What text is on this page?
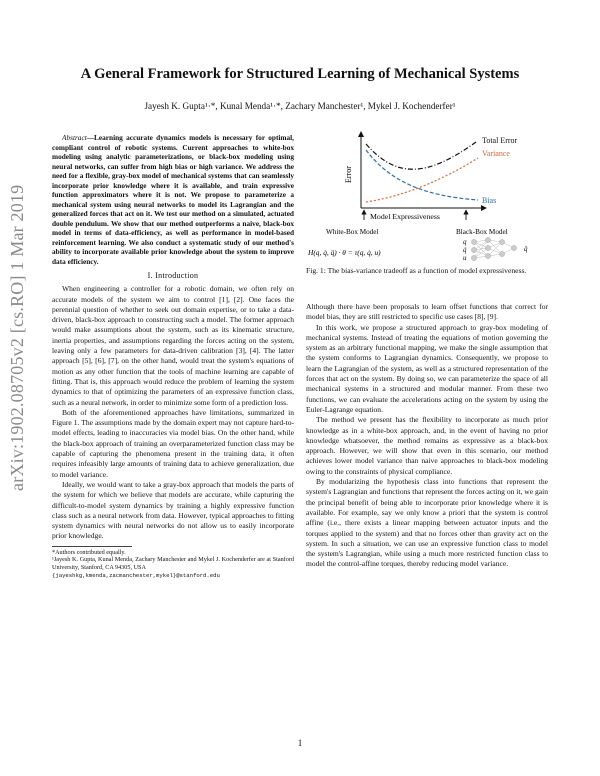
arXiv:1902.08705v2 [cs.RO] 1 Mar 2019
A General Framework for Structured Learning of Mechanical Systems
Jayesh K. Gupta¹·*, Kunal Menda¹·*, Zachary Manchester¹, Mykel J. Kochenderfer¹

Abstract—Learning accurate dynamics models is necessary for optimal, compliant control of robotic systems. Current approaches to white-box modeling using analytic parameterizations, or black-box modeling using neural networks, can suffer from high bias or high variance. We address the need for a flexible, gray-box model of mechanical systems that can seamlessly incorporate prior knowledge where it is available, and train expressive function approximators where it is not. We propose to parameterize a mechanical system using neural networks to model its Lagrangian and the generalized forces that act on it. We test our method on a simulated, actuated double pendulum. We show that our method outperforms a naive, black-box model in terms of data-efficiency, as well as performance in model-based reinforcement learning. We also conduct a systematic study of our method's ability to incorporate available prior knowledge about the system to improve data efficiency.

I. Introduction

When engineering a controller for a robotic domain, we often rely on accurate models of the system we aim to control [1], [2]. One faces the perennial question of whether to seek out domain expertise, or to take a data-driven, black-box approach to constructing such a model. The former approach would make assumptions about the system, such as its kinematic structure, inertia properties, and assumptions regarding the forces acting on the system, leaving only a few parameters for data-driven calibration [3], [4]. The latter approach [5], [6], [7], on the other hand, would treat the system's equations of motion as any other function that the tools of machine learning are capable of fitting. That is, this approach would reduce the problem of learning the system dynamics to that of optimizing the parameters of an expressive function class, such as a neural network, in order to minimize some form of a prediction loss.

Both of the aforementioned approaches have limitations, summarized in Figure 1. The assumptions made by the domain expert may not capture hard-to-model effects, leading to inaccuracies via model bias. On the other hand, while the black-box approach of training an overparameterized function class may be capable of capturing the phenomena present in the training data, it often requires infeasibly large amounts of training data to achieve generalization, due to model variance.

Ideally, we would want to take a gray-box approach that models the parts of the system for which we believe that models are accurate, while capturing the difficult-to-model system dynamics by training a highly expressive function class such as a neural network from data. However, typical approaches to fitting system dynamics with neural networks do not allow us to easily incorporate prior knowledge.

*Authors contributed equally.
¹Jayesh K. Gupta, Kunal Menda, Zachary Manchester and Mykel J. Kochenderfer are at Stanford University, Stanford, CA 94305, USA
{jayeshkg,kmenda,zacmanchester,mykel}@stanford.edu
Error
Total Error
Variance
Bias
Model Expressiveness
White-Box Model	Black-Box Model
H(q, q̇, q̈) · θ = τ(q, q̇, u)
q
q̇
u
q̈
Fig. 1: The bias-variance tradeoff as a function of model expressiveness.

Although there have been proposals to learn offset functions that correct for model bias, they are still restricted to specific use cases [8], [9].

In this work, we propose a structured approach to gray-box modeling of mechanical systems. Instead of treating the equations of motion governing the system as an arbitrary functional mapping, we make the single assumption that the system conforms to Lagrangian dynamics. Consequently, we propose to learn the Lagrangian of the system, as well as a structured representation of the forces that act on the system. By doing so, we can parameterize the space of all mechanical systems in a structured and modular manner. From these two functions, we can evaluate the accelerations acting on the system by using the Euler-Lagrange equation.

The method we present has the flexibility to incorporate as much prior knowledge as in a white-box approach, and, in the event of having no prior knowledge whatsoever, the method remains as expressive as a black-box approach. However, we will show that even in this scenario, our method achieves lower model variance than naive approaches to black-box modeling owing to the constraints of physical compliance.

By modularizing the hypothesis class into functions that represent the system's Lagrangian and functions that represent the forces acting on it, we gain the principal benefit of being able to incorporate prior knowledge where it is available. For example, say we only know a priori that the system is control affine (i.e., there exists a linear mapping between actuator inputs and the torques applied to the system) and that no forces other than gravity act on the system. In such a situation, we can use an expressive function class to model the system's Lagrangian, while using a much more restricted function class to model the control-affine torques, thereby reducing model variance.

1
